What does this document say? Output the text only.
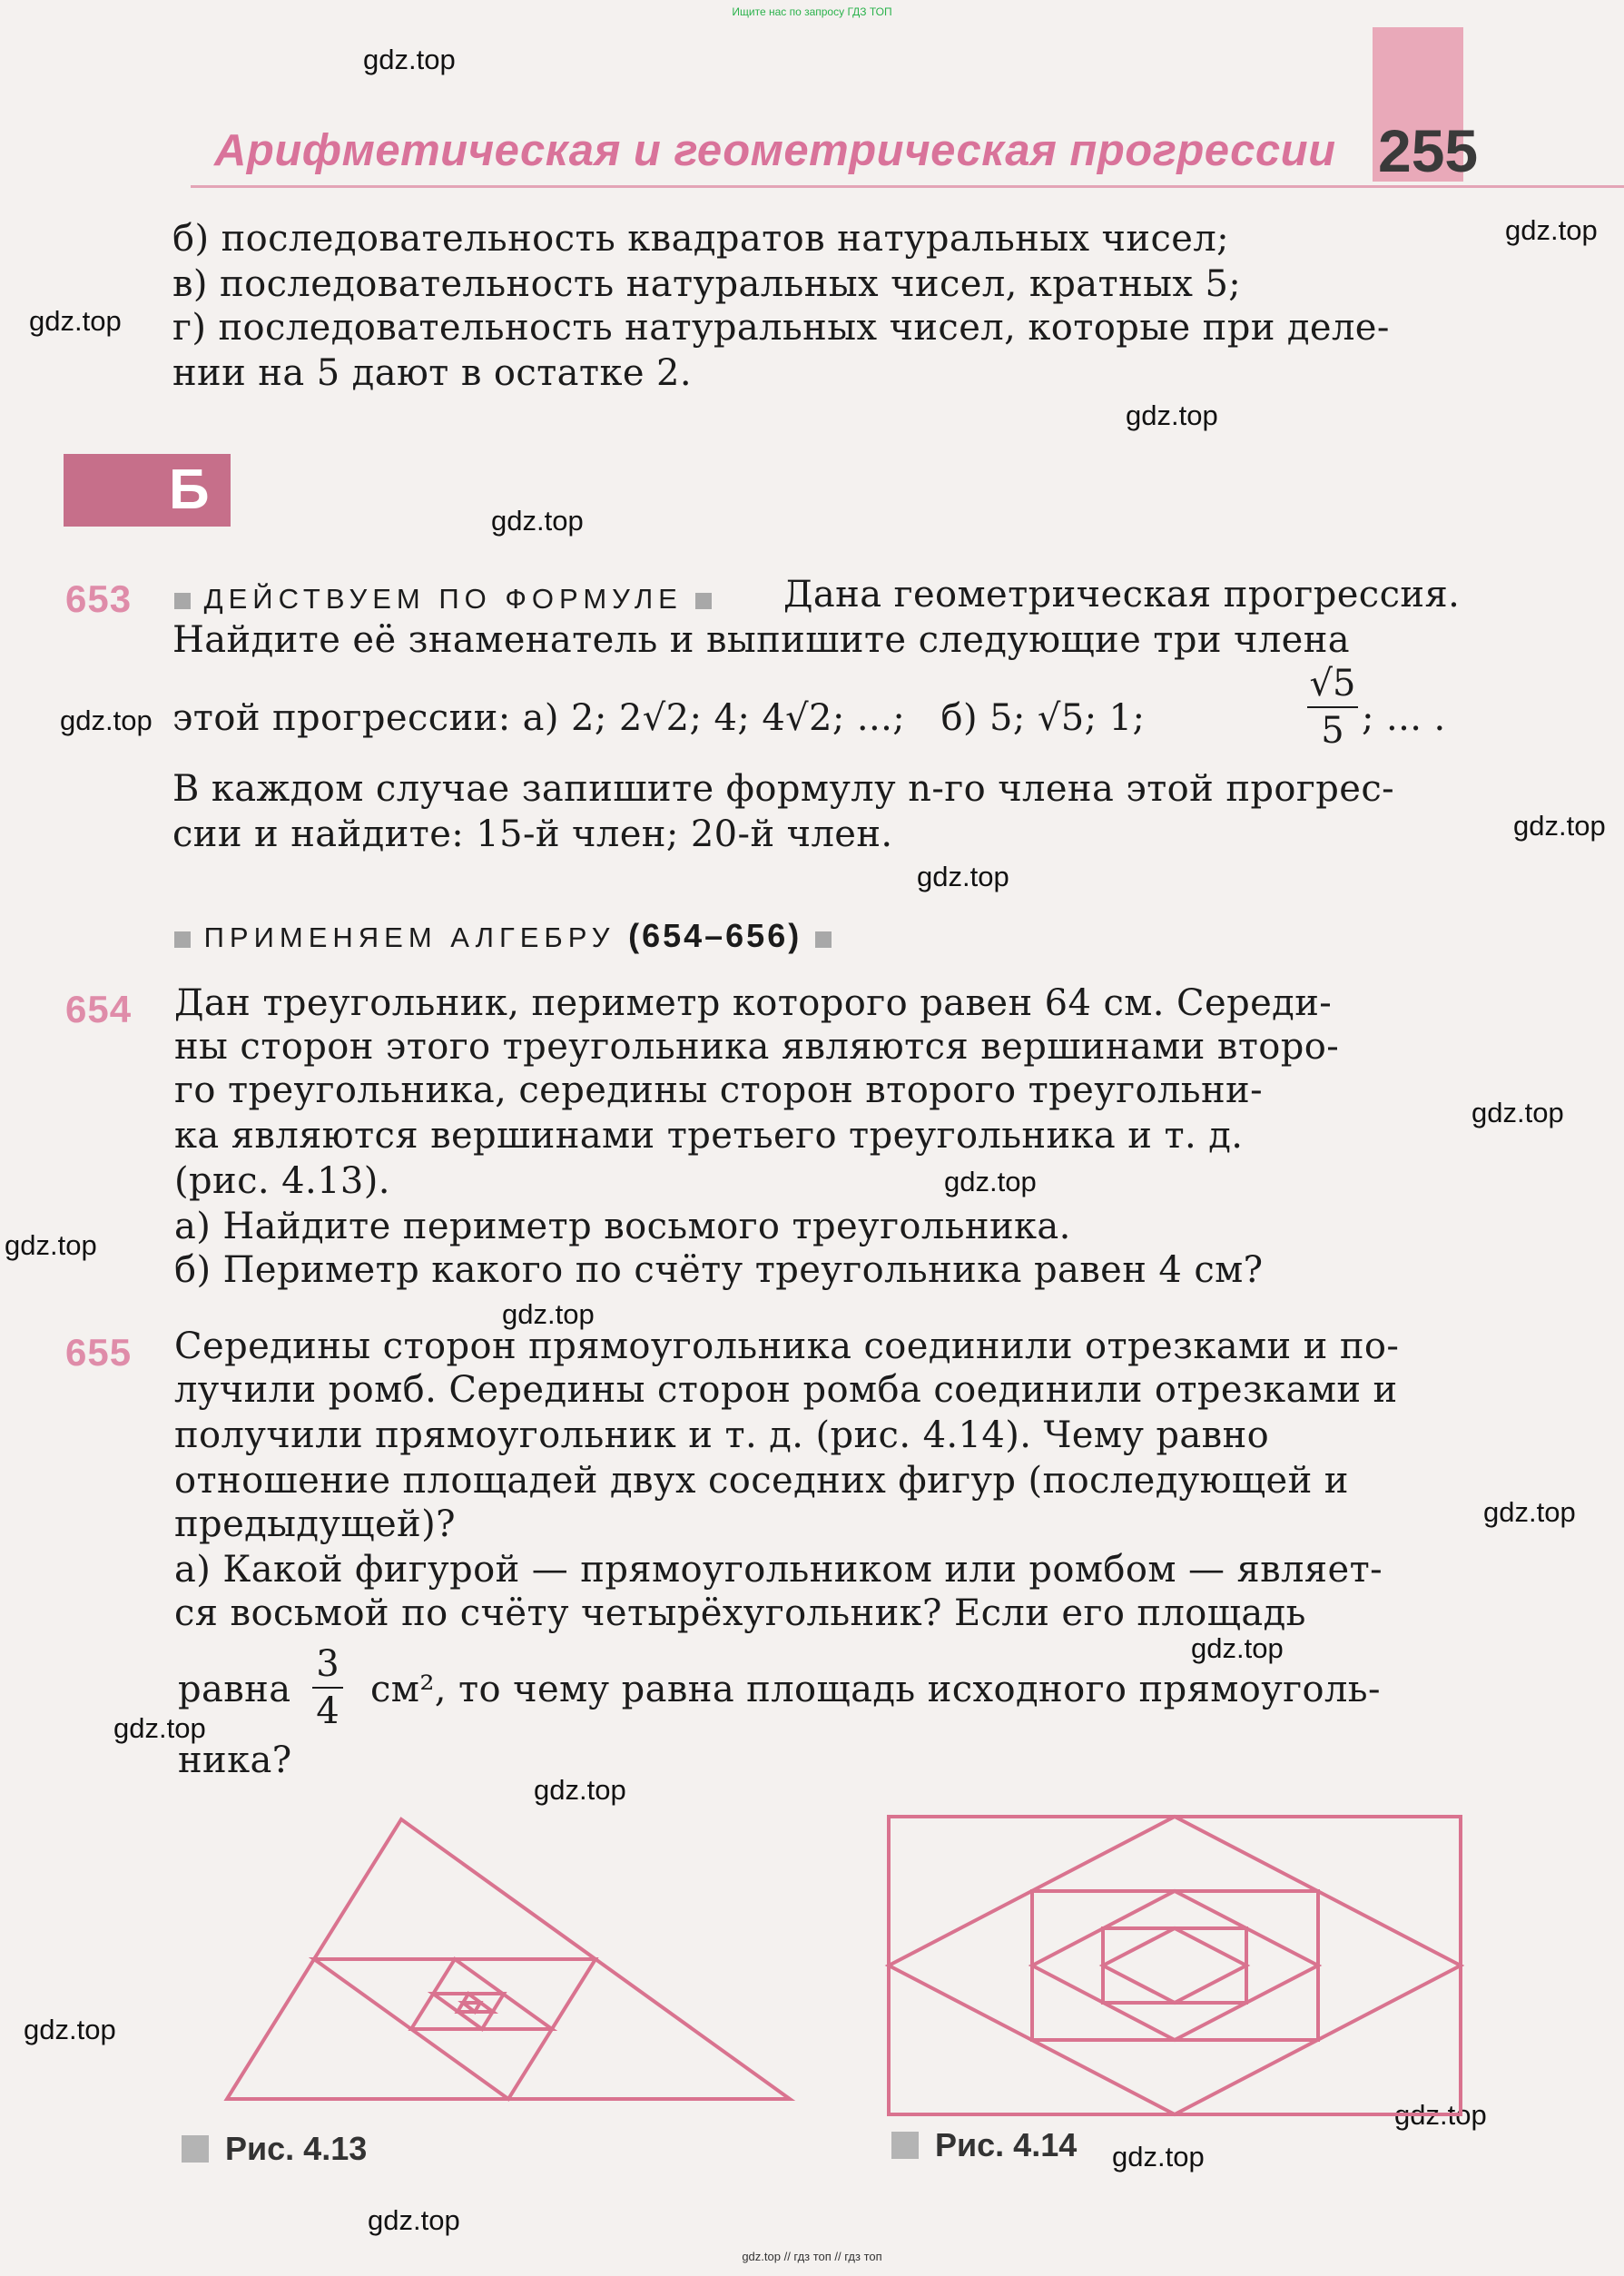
Ищите нас по запросу ГДЗ ТОП
Арифметическая и геометрическая прогрессии 255
gdz.top
gdz.top
gdz.top
gdz.top
gdz.top
gdz.top
gdz.top
gdz.top
gdz.top
gdz.top
gdz.top
gdz.top
gdz.top
gdz.top
gdz.top
gdz.top
gdz.top
gdz.top
gdz.top
gdz.top
б) последовательность квадратов натуральных чисел;
в) последовательность натуральных чисел, кратных 5;
г) последовательность натуральных чисел, которые при деле-
нии на 5 дают в остатке 2.
Б
653	ДЕЙСТВУЕМ ПО ФОРМУЛЕ	Дана геометрическая прогрессия.
Найдите её знаменатель и выпишите следующие три члена
этой прогрессии: а) 2; 2√2; 4; 4√2; ...;   б) 5; √5; 1;
√5
5 ; ... .
В каждом случае запишите формулу n-го члена этой прогрес-
сии и найдите: 15-й член; 20-й член.
ПРИМЕНЯЕМ АЛГЕБРУ (654–656)
654 Дан треугольник, периметр которого равен 64 см. Середи-
ны сторон этого треугольника являются вершинами второ-
го треугольника, середины сторон второго треугольни-
ка являются вершинами третьего треугольника и т. д.
(рис. 4.13).
а) Найдите периметр восьмого треугольника.
б) Периметр какого по счёту треугольника равен 4 см?
655 Середины сторон прямоугольника соединили отрезками и по-
лучили ромб. Середины сторон ромба соединили отрезками и
получили прямоугольник и т. д. (рис. 4.14). Чему равно
отношение площадей двух соседних фигур (последующей и
предыдущей)?
а) Какой фигурой — прямоугольником или ромбом — являет-
ся восьмой по счёту четырёхугольник? Если его площадь
равна
3
4
см², то чему равна площадь исходного прямоуголь-
ника?
Рис. 4.13	Рис. 4.14
gdz.top // гдз топ // гдз топ
